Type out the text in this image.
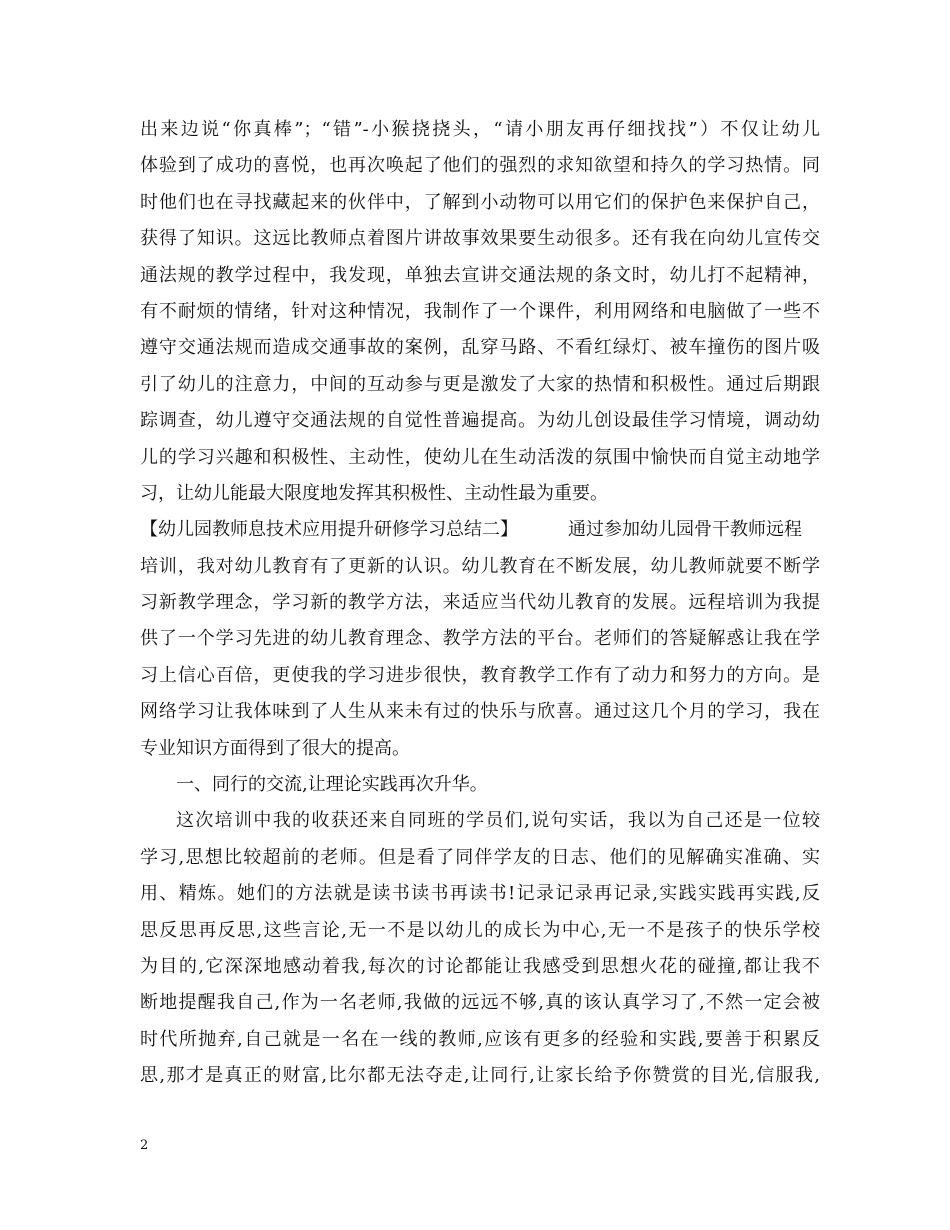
出来边说“你真棒”；“错”-小猴挠挠头，“请小朋友再仔细找找”）不仅让幼儿
体验到了成功的喜悦，也再次唤起了他们的强烈的求知欲望和持久的学习热情。同
时他们也在寻找藏起来的伙伴中，了解到小动物可以用它们的保护色来保护自己，
获得了知识。这远比教师点着图片讲故事效果要生动很多。还有我在向幼儿宣传交
通法规的教学过程中，我发现，单独去宣讲交通法规的条文时，幼儿打不起精神，
有不耐烦的情绪，针对这种情况，我制作了一个课件，利用网络和电脑做了一些不
遵守交通法规而造成交通事故的案例，乱穿马路、不看红绿灯、被车撞伤的图片吸
引了幼儿的注意力，中间的互动参与更是激发了大家的热情和积极性。通过后期跟
踪调查，幼儿遵守交通法规的自觉性普遍提高。为幼儿创设最佳学习情境，调动幼
儿的学习兴趣和积极性、主动性，使幼儿在生动活泼的氛围中愉快而自觉主动地学
习，让幼儿能最大限度地发挥其积极性、主动性最为重要。
【幼儿园教师息技术应用提升研修学习总结二】	通过参加幼儿园骨干教师远程
培训，我对幼儿教育有了更新的认识。幼儿教育在不断发展，幼儿教师就要不断学
习新教学理念，学习新的教学方法，来适应当代幼儿教育的发展。远程培训为我提
供了一个学习先进的幼儿教育理念、教学方法的平台。老师们的答疑解惑让我在学
习上信心百倍，更使我的学习进步很快，教育教学工作有了动力和努力的方向。是
网络学习让我体味到了人生从来未有过的快乐与欣喜。通过这几个月的学习，我在
专业知识方面得到了很大的提高。
一、同行的交流,让理论实践再次升华。
这次培训中我的收获还来自同班的学员们,说句实话，我以为自己还是一位较
学习,思想比较超前的老师。但是看了同伴学友的日志、他们的见解确实准确、实
用、精炼。她们的方法就是读书读书再读书!记录记录再记录,实践实践再实践,反
思反思再反思,这些言论,无一不是以幼儿的成长为中心,无一不是孩子的快乐学校
为目的,它深深地感动着我,每次的讨论都能让我感受到思想火花的碰撞,都让我不
断地提醒我自己,作为一名老师,我做的远远不够,真的该认真学习了,不然一定会被
时代所抛弃,自己就是一名在一线的教师,应该有更多的经验和实践,要善于积累反
思,那才是真正的财富,比尔都无法夺走,让同行,让家长给予你赞赏的目光,信服我,
2
